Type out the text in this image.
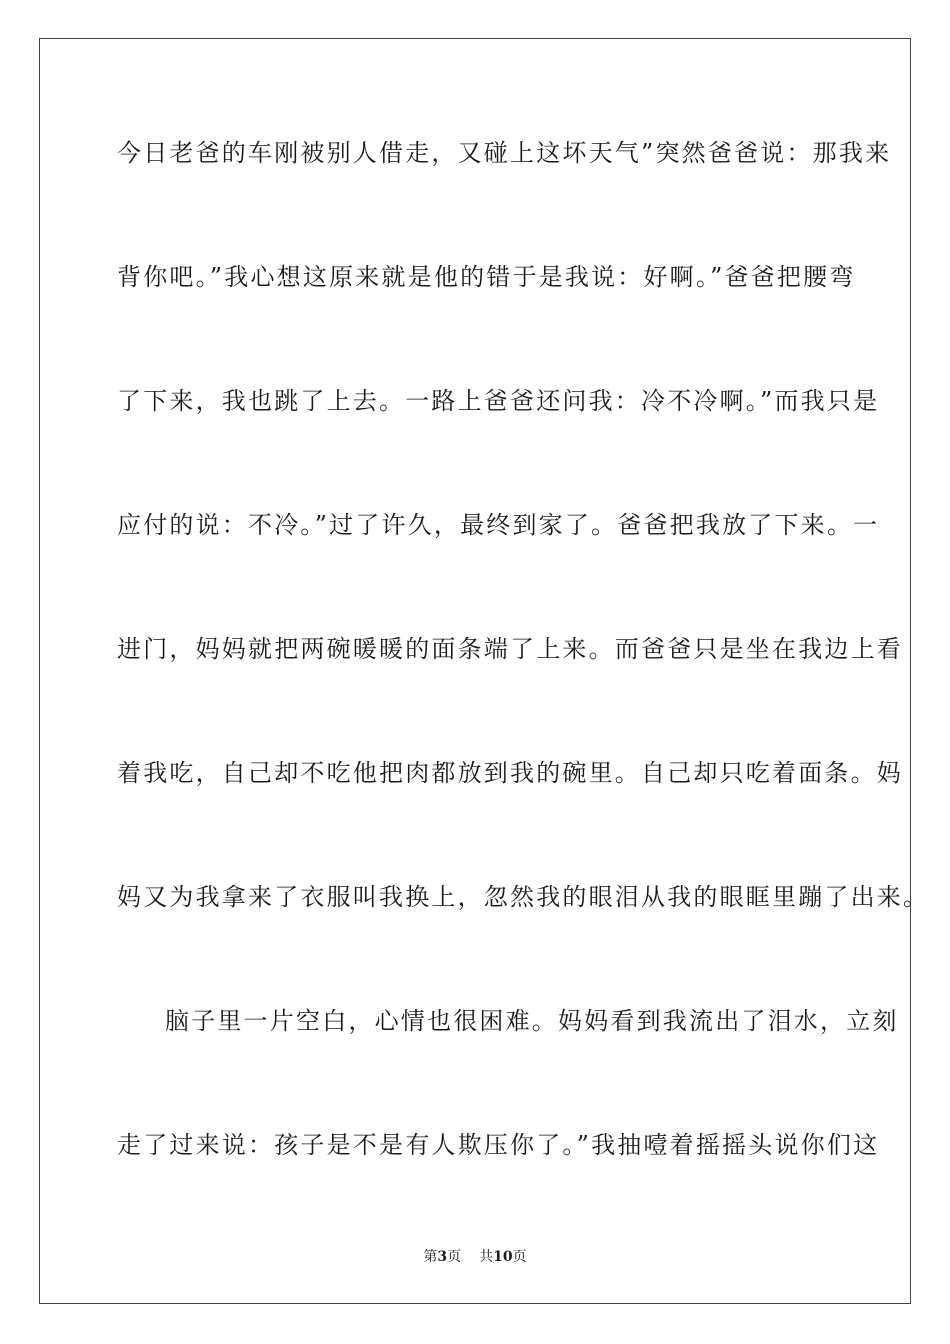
今日老爸的车刚被别人借走，又碰上这坏天气”突然爸爸说：那我来
背你吧。”我心想这原来就是他的错于是我说：好啊。”爸爸把腰弯
了下来，我也跳了上去。一路上爸爸还问我：冷不冷啊。”而我只是
应付的说：不冷。”过了许久，最终到家了。爸爸把我放了下来。一
进门，妈妈就把两碗暖暖的面条端了上来。而爸爸只是坐在我边上看
着我吃，自己却不吃他把肉都放到我的碗里。自己却只吃着面条。妈
妈又为我拿来了衣服叫我换上，忽然我的眼泪从我的眼眶里蹦了出来。
脑子里一片空白，心情也很困难。妈妈看到我流出了泪水，立刻
走了过来说：孩子是不是有人欺压你了。”我抽噎着摇摇头说你们这
第3页 共10页
